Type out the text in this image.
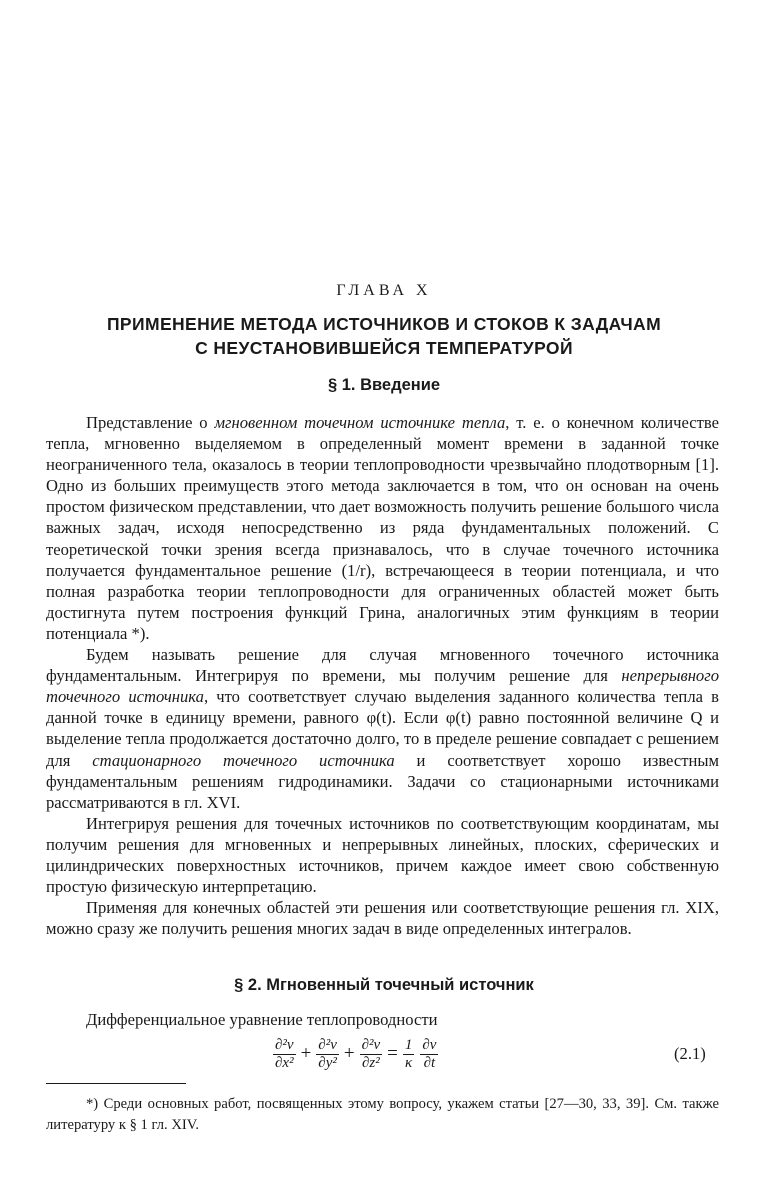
ГЛАВА X
ПРИМЕНЕНИЕ МЕТОДА ИСТОЧНИКОВ И СТОКОВ К ЗАДАЧАМ
С НЕУСТАНОВИВШЕЙСЯ ТЕМПЕРАТУРОЙ
§ 1. Введение

Представление о мгновенном точечном источнике тепла, т. е. о конечном количестве тепла, мгновенно выделяемом в определенный момент времени в заданной точке неограниченного тела, оказалось в теории теплопроводности чрезвычайно плодотворным [1]. Одно из больших преимуществ этого метода заключается в том, что он основан на очень простом физическом представлении, что дает возможность получить решение большого числа важных задач, исходя непосредственно из ряда фундаментальных положений. С теоретической точки зрения всегда признавалось, что в случае точечного источника получается фундаментальное решение (1/r), встречающееся в теории потенциала, и что полная разработка теории теплопроводности для ограниченных областей может быть достигнута путем построения функций Грина, аналогичных этим функциям в теории потенциала *).

Будем называть решение для случая мгновенного точечного источника фундаментальным. Интегрируя по времени, мы получим решение для непрерывного точечного источника, что соответствует случаю выделения заданного количества тепла в данной точке в единицу времени, равного φ(t). Если φ(t) равно постоянной величине Q и выделение тепла продолжается достаточно долго, то в пределе решение совпадает с решением для стационарного точечного источника и соответствует хорошо известным фундаментальным решениям гидродинамики. Задачи со стационарными источниками рассматриваются в гл. XVI.

Интегрируя решения для точечных источников по соответствующим координатам, мы получим решения для мгновенных и непрерывных линейных, плоских, сферических и цилиндрических поверхностных источников, причем каждое имеет свою собственную простую физическую интерпретацию.

Применяя для конечных областей эти решения или соответствующие решения гл. XIX, можно сразу же получить решения многих задач в виде определенных интегралов.

§ 2. Мгновенный точечный источник
Дифференциальное уравнение теплопроводности
$\frac{\text{∂²v}}{\text{∂x²}} + \frac{\text{∂²v}}{\text{∂y²}} + \frac{\text{∂²v}}{\text{∂z²}} = \frac{1}{\kappa} \frac{\partial v}{\partial t}$	(2.1)

*) Среди основных работ, посвященных этому вопросу, укажем статьи [27—30, 33, 39]. См. также литературу к § 1 гл. XIV.
